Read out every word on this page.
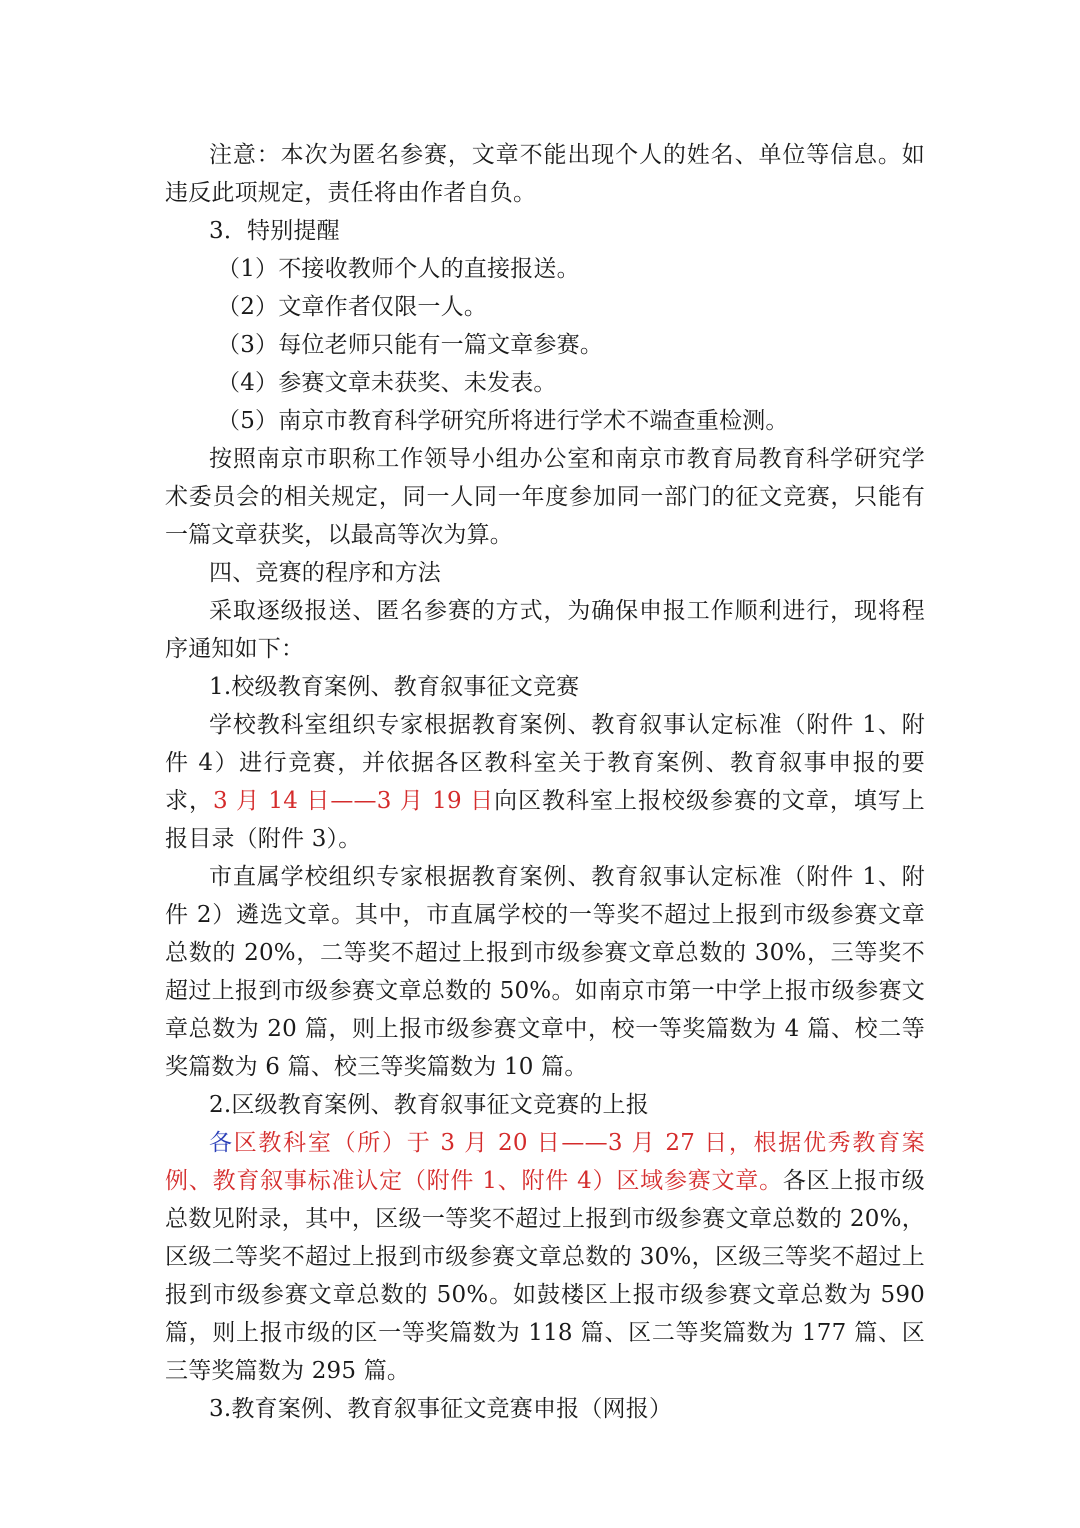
注意：本次为匿名参赛，文章不能出现个人的姓名、单位等信息。如违反此项规定，责任将由作者自负。

3．特别提醒

（1）不接收教师个人的直接报送。

（2）文章作者仅限一人。

（3）每位老师只能有一篇文章参赛。

（4）参赛文章未获奖、未发表。

（5）南京市教育科学研究所将进行学术不端查重检测。

按照南京市职称工作领导小组办公室和南京市教育局教育科学研究学术委员会的相关规定，同一人同一年度参加同一部门的征文竞赛，只能有一篇文章获奖，以最高等次为算。

四、竞赛的程序和方法

采取逐级报送、匿名参赛的方式，为确保申报工作顺利进行，现将程序通知如下：

1.校级教育案例、教育叙事征文竞赛

学校教科室组织专家根据教育案例、教育叙事认定标准（附件 1、附件 4）进行竞赛，并依据各区教科室关于教育案例、教育叙事申报的要求，3 月 14 日——3 月 19 日向区教科室上报校级参赛的文章，填写上报目录（附件 3）。

市直属学校组织专家根据教育案例、教育叙事认定标准（附件 1、附件 2）遴选文章。其中，市直属学校的一等奖不超过上报到市级参赛文章总数的 20%，二等奖不超过上报到市级参赛文章总数的 30%，三等奖不超过上报到市级参赛文章总数的 50%。如南京市第一中学上报市级参赛文章总数为 20 篇，则上报市级参赛文章中，校一等奖篇数为 4 篇、校二等奖篇数为 6 篇、校三等奖篇数为 10 篇。

2.区级教育案例、教育叙事征文竞赛的上报

各区教科室（所）于 3 月 20 日——3 月 27 日，根据优秀教育案例、教育叙事标准认定（附件 1、附件 4）区域参赛文章。各区上报市级总数见附录，其中，区级一等奖不超过上报到市级参赛文章总数的 20%，区级二等奖不超过上报到市级参赛文章总数的 30%，区级三等奖不超过上报到市级参赛文章总数的 50%。如鼓楼区上报市级参赛文章总数为 590 篇，则上报市级的区一等奖篇数为 118 篇、区二等奖篇数为 177 篇、区三等奖篇数为 295 篇。

3.教育案例、教育叙事征文竞赛申报（网报）
